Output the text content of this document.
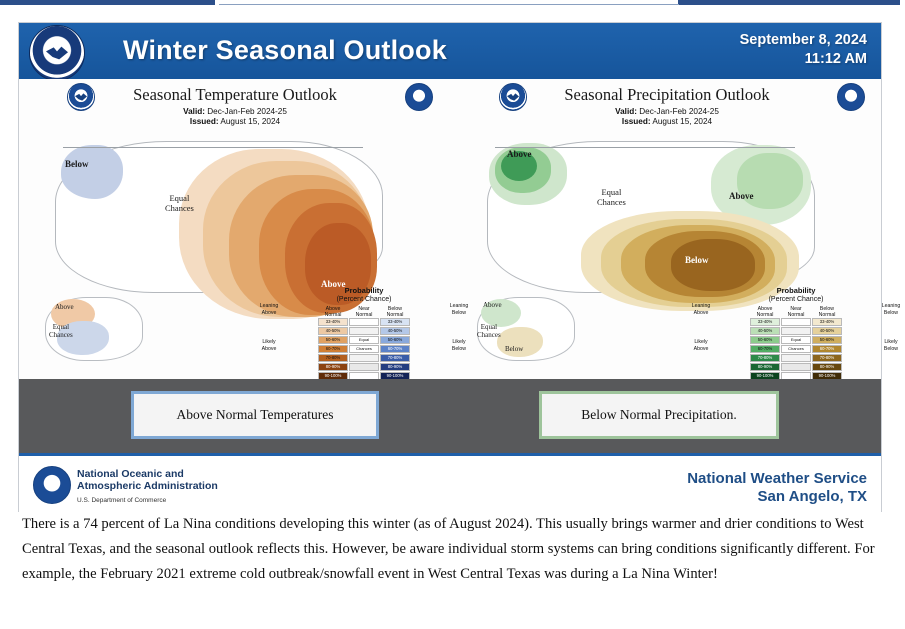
Winter Seasonal Outlook	September 8, 2024
11:12 AM
Seasonal Temperature Outlook
Valid: Dec-Jan-Feb 2024-25
Issued: August 15, 2024
Equal
Chances
Below
Above
Above
Equal
Chances
Probability
(Percent Chance)
Above
Normal
33-40%
40-50%
50-60%
60-70%
70-80%
80-90%
90-100%
Near
Normal
Equal
Chances
Below
Normal
33-40%
40-50%
50-60%
60-70%
70-80%
80-90%
90-100%
Leaning
Above
Likely
Above
Leaning
Below
Likely
Below
Seasonal Precipitation Outlook
Valid: Dec-Jan-Feb 2024-25
Issued: August 15, 2024
Above
Equal
Chances
Above
Below
Above
Equal
Chances
Below
Probability
(Percent Chance)
Above
Normal
33-40%
40-50%
50-60%
60-70%
70-80%
80-90%
90-100%
Near
Normal
Equal
Chances
Below
Normal
33-40%
40-50%
50-60%
60-70%
70-80%
80-90%
90-100%
Leaning
Above
Likely
Above
Leaning
Below
Likely
Below
Above Normal Temperatures	Below Normal Precipitation.
National Oceanic and
Atmospheric Administration
U.S. Department of Commerce
National Weather Service
San Angelo, TX
There is a 74 percent of La Nina conditions developing this winter (as of August 2024). This usually brings warmer and drier conditions to West Central Texas, and the seasonal outlook reflects this. However, be aware individual storm systems can bring conditions significantly different. For example, the February 2021 extreme cold outbreak/snowfall event in West Central Texas was during a La Nina Winter!
